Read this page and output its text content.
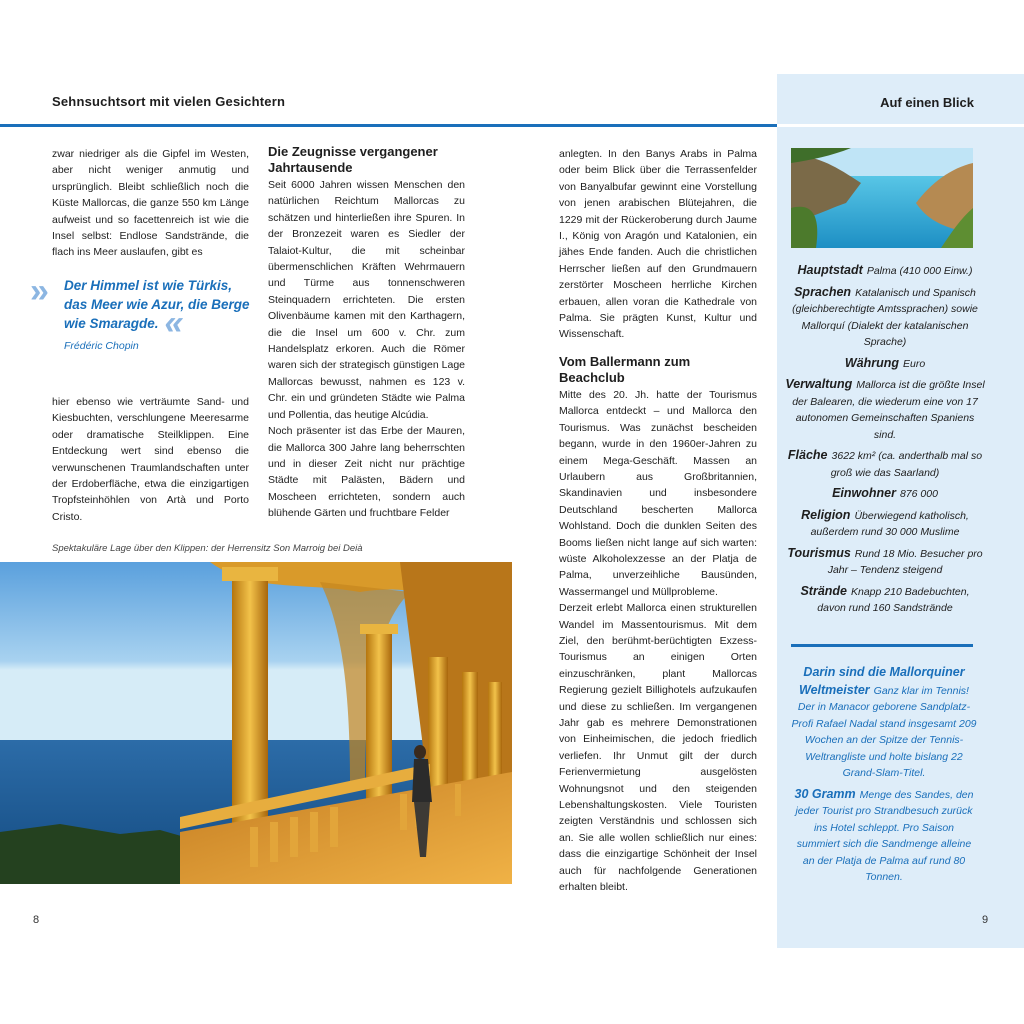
Sehnsuchtsort mit vielen Gesichtern

zwar niedriger als die Gipfel im Westen, aber nicht weniger anmutig und ursprünglich. Bleibt schließlich noch die Küste Mallorcas, die ganze 550 km Länge aufweist und so facettenreich ist wie die Insel selbst: Endlose Sandstrände, die flach ins Meer auslaufen, gibt es

» Der Himmel ist wie Türkis, das Meer wie Azur, die Berge wie Smaragde. «
Frédéric Chopin

hier ebenso wie verträumte Sand- und Kiesbuchten, verschlungene Meeresarme oder dramatische Steilklippen. Eine Entdeckung wert sind ebenso die verwunschenen Traumlandschaften unter der Erdoberfläche, etwa die einzigartigen Tropfsteinhöhlen von Artà und Porto Cristo.

Die Zeugnisse vergangener Jahrtausende

Seit 6000 Jahren wissen Menschen den natürlichen Reichtum Mallorcas zu schätzen und hinterließen ihre Spuren. In der Bronzezeit waren es Siedler der Talaiot-Kultur, die mit scheinbar übermenschlichen Kräften Wehrmauern und Türme aus tonnenschweren Steinquadern errichteten. Die ersten Olivenbäume kamen mit den Karthagern, die die Insel um 600 v. Chr. zum Handelsplatz erkoren. Auch die Römer waren sich der strategisch günstigen Lage Mallorcas bewusst, nahmen es 123 v. Chr. ein und gründeten Städte wie Palma und Pollentia, das heutige Alcúdia.

Noch präsenter ist das Erbe der Mauren, die Mallorca 300 Jahre lang beherrschten und in dieser Zeit nicht nur prächtige Städte mit Palästen, Bädern und Moscheen errichteten, sondern auch blühende Gärten und fruchtbare Felder

Spektakuläre Lage über den Klippen: der Herrensitz Son Marroig bei Deià
8

anlegten. In den Banys Arabs in Palma oder beim Blick über die Terrassenfelder von Banyalbufar gewinnt eine Vorstellung von jenen arabischen Blütejahren, die 1229 mit der Rückeroberung durch Jaume I., König von Aragón und Katalonien, ein jähes Ende fanden. Auch die christlichen Herrscher ließen auf den Grundmauern zerstörter Moscheen herrliche Kirchen erbauen, allen voran die Kathedrale von Palma. Sie prägten Kunst, Kultur und Wissenschaft.

Vom Ballermann zum Beachclub

Mitte des 20. Jh. hatte der Tourismus Mallorca entdeckt – und Mallorca den Tourismus. Was zunächst bescheiden begann, wurde in den 1960er-Jahren zu einem Mega-Geschäft. Massen an Urlaubern aus Großbritannien, Skandinavien und insbesondere Deutschland bescherten Mallorca Wohlstand. Doch die dunklen Seiten des Booms ließen nicht lange auf sich warten: wüste Alkoholexzesse an der Platja de Palma, unverzeihliche Bausünden, Wassermangel und Müllprobleme.

Derzeit erlebt Mallorca einen strukturellen Wandel im Massentourismus. Mit dem Ziel, den berühmt-berüchtigten Exzess-Tourismus an einigen Orten einzuschränken, plant Mallorcas Regierung gezielt Billighotels aufzukaufen und diese zu schließen. Im vergangenen Jahr gab es mehrere Demonstrationen von Einheimischen, die jedoch friedlich verliefen. Ihr Unmut gilt der durch Ferienvermietung ausgelösten Wohnungsnot und den steigenden Lebenshaltungskosten. Viele Touristen zeigten Verständnis und schlossen sich an. Sie alle wollen schließlich nur eines: dass die einzigartige Schönheit der Insel auch für nachfolgende Generationen erhalten bleibt.

Auf einen Blick

Hauptstadt Palma (410 000 Einw.)

Sprachen Katalanisch und Spanisch (gleichberechtigte Amtssprachen) sowie Mallorquí (Dialekt der katalanischen Sprache)

Währung Euro

Verwaltung Mallorca ist die größte Insel der Balearen, die wiederum eine von 17 autonomen Gemeinschaften Spaniens sind.

Fläche 3622 km² (ca. anderthalb mal so groß wie das Saarland)

Einwohner 876 000

Religion Überwiegend katholisch, außerdem rund 30 000 Muslime

Tourismus Rund 18 Mio. Besucher pro Jahr – Tendenz steigend

Strände Knapp 210 Badebuchten, davon rund 160 Sandstrände

Darin sind die Mallorquiner Weltmeister Ganz klar im Tennis! Der in Manacor geborene Sandplatz-Profi Rafael Nadal stand insgesamt 209 Wochen an der Spitze der Tennis-Weltrangliste und holte bislang 22 Grand-Slam-Titel.

30 Gramm Menge des Sandes, den jeder Tourist pro Strandbesuch zurück ins Hotel schleppt. Pro Saison summiert sich die Sandmenge alleine an der Platja de Palma auf rund 80 Tonnen.

9
